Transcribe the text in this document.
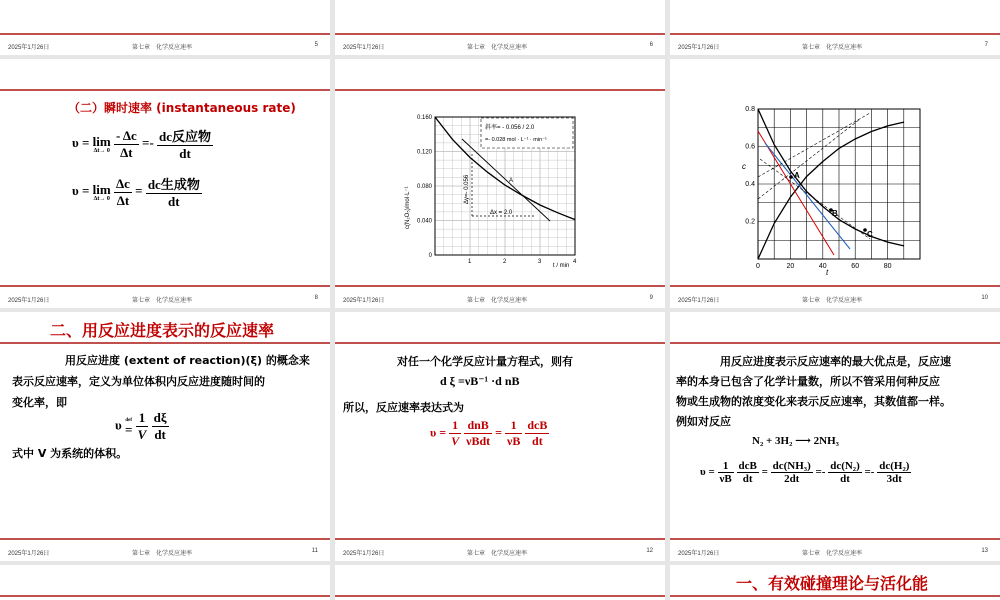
2025年1月26日	第七章　化学反应速率	5	2025年1月26日	第七章　化学反应速率	6	2025年1月26日	第七章　化学反应速率	7
（二）瞬时速率 (instantaneous rate)
υ = lim
Δt→ 0
$\frac{- \Delta c}{\Delta t} =- \frac{\text{dc反应物}}{dt}$
υ = lim
Δt→ 0
$\frac{\Delta c}{\Delta t} = \frac{\text{dc生成物}}{dt}$
2025年1月26日	第七章　化学反应速率	8
1	2	3	4
0
0.040
0.080
0.120
0.160
斜率= - 0.056 / 2.0
=- 0.028 mol · L⁻¹ · min⁻¹
Δy=- 0.056
Δx = 2.0
A
c(N₂O₅)/mol·L⁻¹
t / min
2025年1月26日	第七章　化学反应速率	9
0	20	40	60	80
0.2
0.4
0.6
0.8
A
B
C
t
c
2025年1月26日	第七章　化学反应速率	10
二、用反应进度表示的反应速率
用反应进度 (extent of reaction)(ξ) 的概念来
表示反应速率，定义为单位体积内反应进度随时间的
变化率，即
υ def
=
$\frac{1}{V}$
$\frac{d\xi}{dt}$
式中 V 为系统的体积。
2025年1月26日	第七章　化学反应速率	11
对任一个化学反应计量方程式，则有
d ξ =νB⁻¹ ·d nB
所以，反应速率表达式为
$\upsilon = \frac{1}{V}$
$\frac{\text{dnB}}{\text{νBdt}} = \frac{1}{\nu B}$
$\frac{\text{dcB}}{dt}$
2025年1月26日	第七章　化学反应速率	12
用反应进度表示反应速率的最大优点是，反应速
率的本身已包含了化学计量数，所以不管采用何种反应
物或生成物的浓度变化来表示反应速率，其数值都一样。
例如对反应
N₂ + 3H₂ ⟶ 2NH₃
$\upsilon = \frac{1}{\nu B}$
$\frac{\text{dcB}}{dt} = \frac{\text{dc(NH₃)}}{2dt} =- \frac{\text{dc(N₂)}}{dt} =- \frac{\text{dc(H₂)}}{3dt}$
2025年1月26日	第七章　化学反应速率	13
一、有效碰撞理论与活化能
